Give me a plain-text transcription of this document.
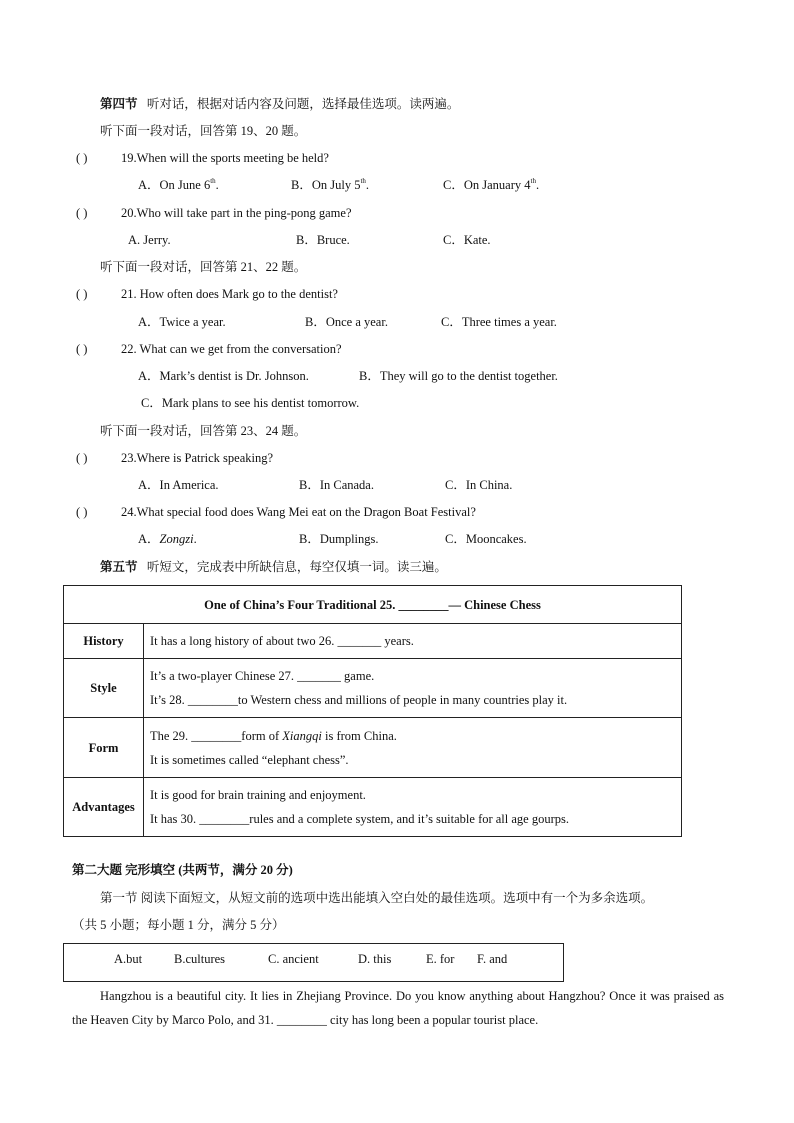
第四节 听对话，根据对话内容及问题，选择最佳选项。读两遍。
听下面一段对话，回答第 19、20 题。
( )	19.When will the sports meeting be held?
A．On June 6th.	B．On July 5th.	C．On January 4th.
( )	20.Who will take part in the ping-pong game?
A. Jerry.	B．Bruce.	C．Kate.
听下面一段对话，回答第 21、22 题。
( )	21. How often does Mark go to the dentist?
A．Twice a year.	B．Once a year.	C．Three times a year.
( )	22. What can we get from the conversation?
A．Mark’s dentist is Dr. Johnson.	B．They will go to the dentist together.
C．Mark plans to see his dentist tomorrow.
听下面一段对话，回答第 23、24 题。
( )	23.Where is Patrick speaking?
A．In America.	B．In Canada.	C．In China.
( )	24.What special food does Wang Mei eat on the Dragon Boat Festival?
A．Zongzi.	B．Dumplings.	C．Mooncakes.
第五节 听短文，完成表中所缺信息，每空仅填一词。读三遍。
One of China’s Four Traditional 25. ________— Chinese Chess	
History	It has a long history of about two 26. _______ years.

Style	It’s a two-player Chinese 27. _______ game.
It’s 28. ________to Western chess and millions of people in many countries play it.

Form	The 29. ________form of Xiangqi is from China.
It is sometimes called “elephant chess”.

Advantages	It is good for brain training and enjoyment.
It has 30. ________rules and a complete system, and it’s suitable for all age gourps.
第二大题 完形填空 (共两节，满分 20 分)
第一节 阅读下面短文，从短文前的选项中选出能填入空白处的最佳选项。选项中有一个为多余选项。
（共 5 小题；每小题 1 分，满分 5 分）
A.but	B.cultures	C. ancient	D. this	E. for F. and
Hangzhou is a beautiful city. It lies in Zhejiang Province. Do you know anything about Hangzhou? Once it was praised as the Heaven City by Marco Polo, and 31. ________ city has long been a popular tourist place.
